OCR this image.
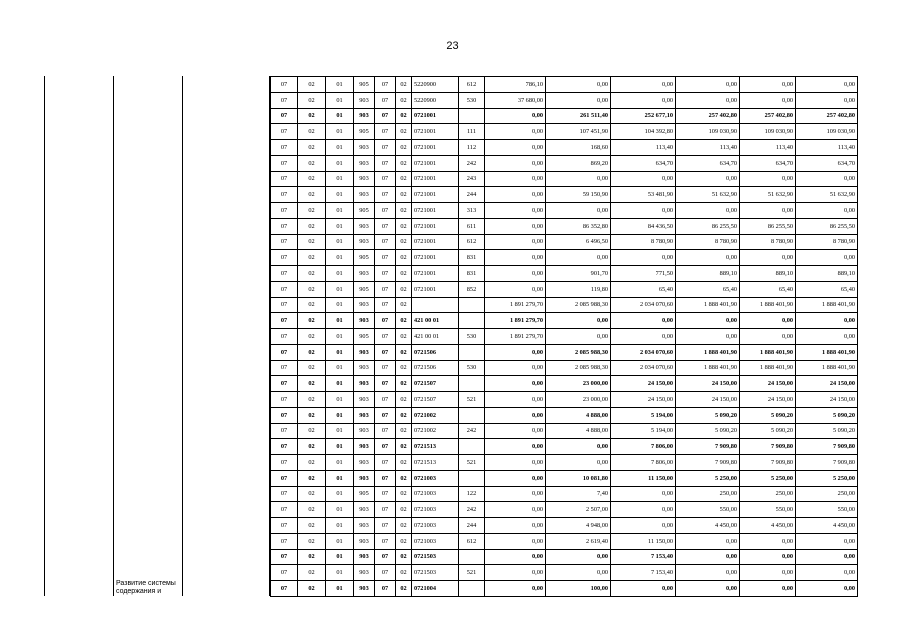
23

Развитие системы содержания и

07	02	01	905	07	02	5220900	612	786,10	0,00	0,00	0,00	0,00	0,00
07	02	01	903	07	02	5220900	530	37 680,00	0,00	0,00	0,00	0,00	0,00
07	02	01	903	07	02	0721001		0,00	261 511,40	252 677,10	257 402,80	257 402,80	257 402,80
07	02	01	905	07	02	0721001	111	0,00	107 451,90	104 392,80	109 030,90	109 030,90	109 030,90
07	02	01	903	07	02	0721001	112	0,00	168,60	113,40	113,40	113,40	113,40
07	02	01	903	07	02	0721001	242	0,00	869,20	634,70	634,70	634,70	634,70
07	02	01	903	07	02	0721001	243	0,00	0,00	0,00	0,00	0,00	0,00
07	02	01	903	07	02	0721001	244	0,00	59 150,90	53 481,90	51 632,90	51 632,90	51 632,90
07	02	01	905	07	02	0721001	313	0,00	0,00	0,00	0,00	0,00	0,00
07	02	01	903	07	02	0721001	611	0,00	86 352,80	84 436,50	86 255,50	86 255,50	86 255,50
07	02	01	903	07	02	0721001	612	0,00	6 496,50	8 780,90	8 780,90	8 780,90	8 780,90
07	02	01	905	07	02	0721001	831	0,00	0,00	0,00	0,00	0,00	0,00
07	02	01	903	07	02	0721001	831	0,00	901,70	771,50	889,10	889,10	889,10
07	02	01	905	07	02	0721001	852	0,00	119,80	65,40	65,40	65,40	65,40
07	02	01	903	07	02			1 891 279,70	2 085 988,30	2 034 070,60	1 888 401,90	1 888 401,90	1 888 401,90
07	02	01	903	07	02	421 00 01		1 891 279,70	0,00	0,00	0,00	0,00	0,00
07	02	01	905	07	02	421 00 01	530	1 891 279,70	0,00	0,00	0,00	0,00	0,00
07	02	01	903	07	02	0721506		0,00	2 085 988,30	2 034 070,60	1 888 401,90	1 888 401,90	1 888 401,90
07	02	01	903	07	02	0721506	530	0,00	2 085 988,30	2 034 070,60	1 888 401,90	1 888 401,90	1 888 401,90
07	02	01	903	07	02	0721507		0,00	23 000,00	24 150,00	24 150,00	24 150,00	24 150,00
07	02	01	903	07	02	0721507	521	0,00	23 000,00	24 150,00	24 150,00	24 150,00	24 150,00
07	02	01	903	07	02	0721002		0,00	4 888,00	5 194,00	5 090,20	5 090,20	5 090,20
07	02	01	903	07	02	0721002	242	0,00	4 888,00	5 194,00	5 090,20	5 090,20	5 090,20
07	02	01	903	07	02	0721513		0,00	0,00	7 806,00	7 909,80	7 909,80	7 909,80
07	02	01	903	07	02	0721513	521	0,00	0,00	7 806,00	7 909,80	7 909,80	7 909,80
07	02	01	903	07	02	0721003		0,00	10 081,80	11 150,00	5 250,00	5 250,00	5 250,00
07	02	01	905	07	02	0721003	122	0,00	7,40	0,00	250,00	250,00	250,00
07	02	01	903	07	02	0721003	242	0,00	2 507,00	0,00	550,00	550,00	550,00
07	02	01	903	07	02	0721003	244	0,00	4 948,00	0,00	4 450,00	4 450,00	4 450,00
07	02	01	903	07	02	0721003	612	0,00	2 619,40	11 150,00	0,00	0,00	0,00
07	02	01	903	07	02	0721503		0,00	0,00	7 153,40	0,00	0,00	0,00
07	02	01	903	07	02	0721503	521	0,00	0,00	7 153,40	0,00	0,00	0,00
07	02	01	903	07	02	0721004		0,00	100,00	0,00	0,00	0,00	0,00
